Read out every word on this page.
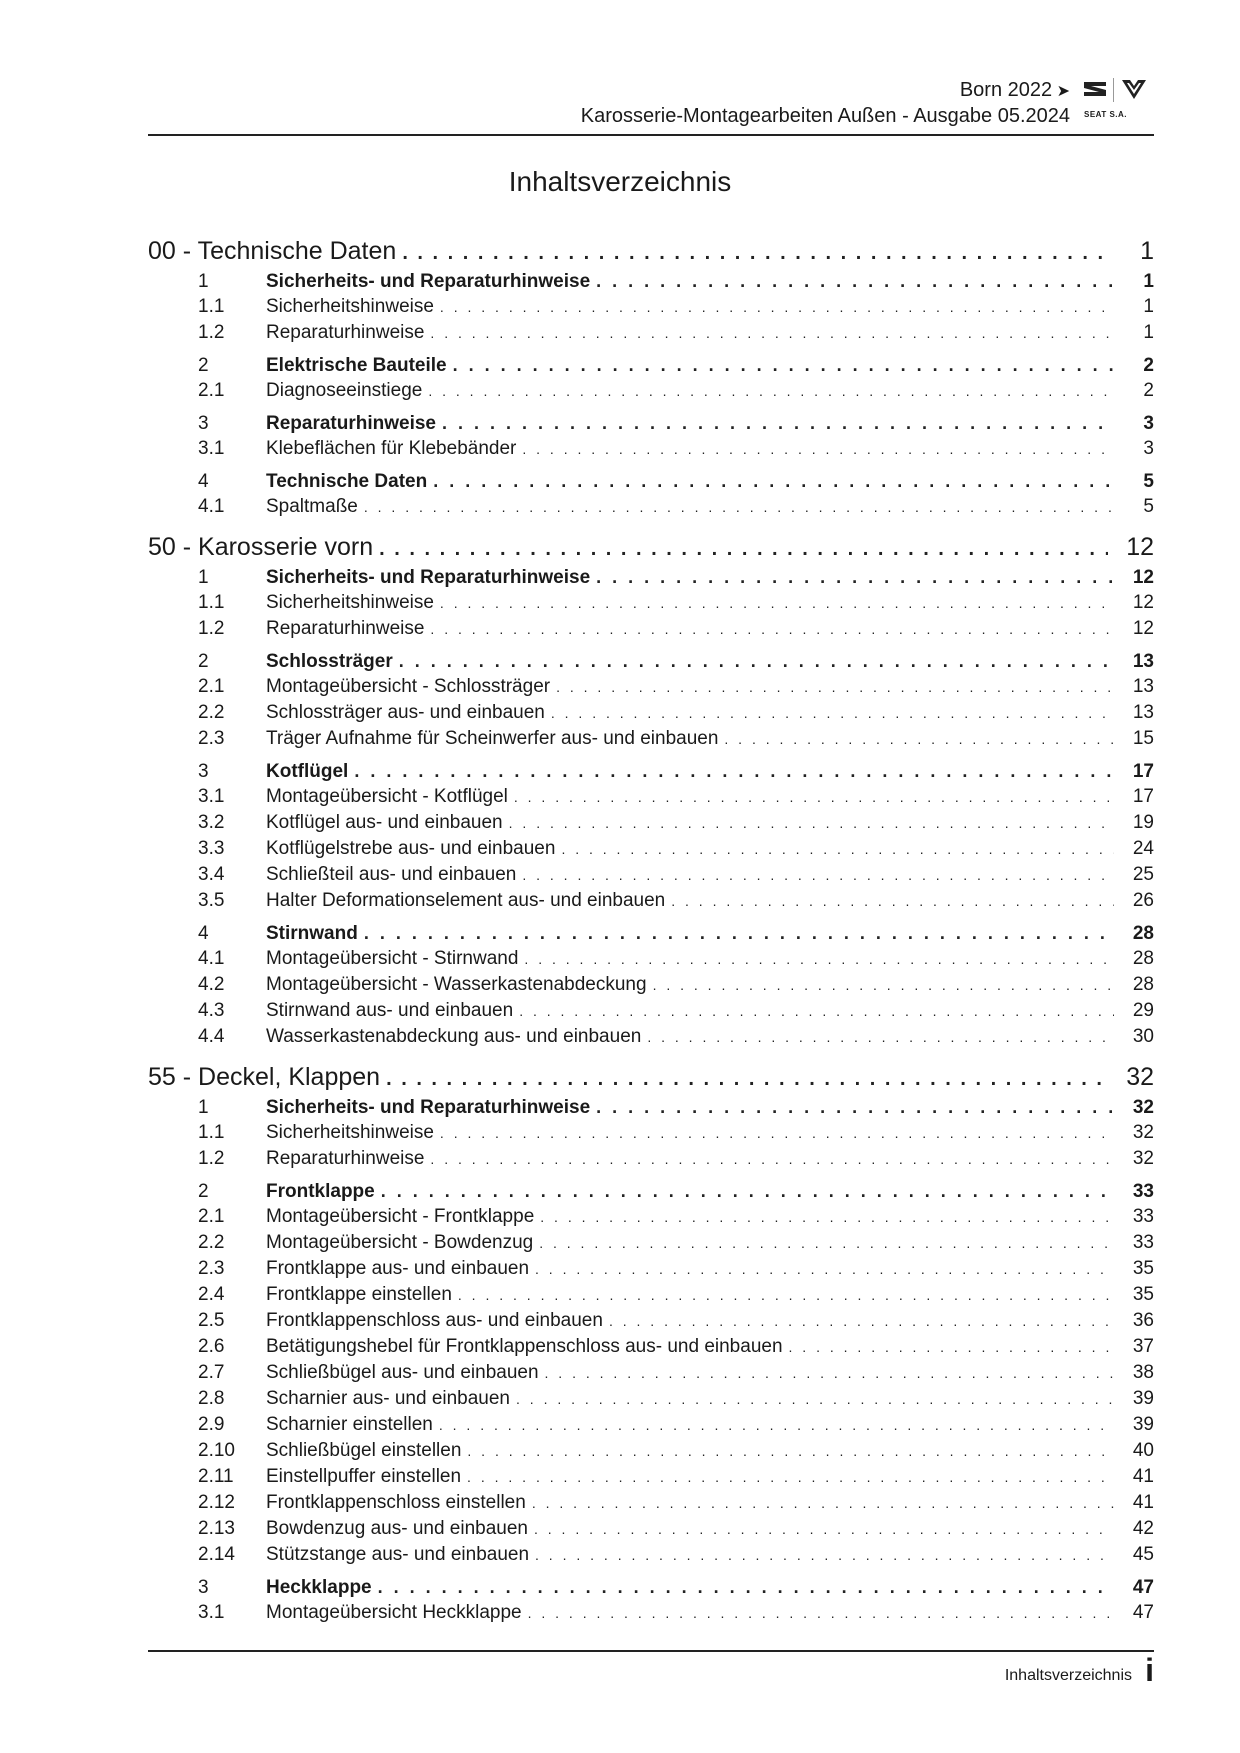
Born 2022 ➤
Karosserie-Montagearbeiten Außen - Ausgabe 05.2024 SEAT S.A.
Inhaltsverzeichnis
00 - Technische Daten . . .	1
1	Sicherheits- und Reparaturhinweise . . .	1
1.1	Sicherheitshinweise . . .	1
1.2	Reparaturhinweise . . .	1
2	Elektrische Bauteile . . .	2
2.1	Diagnoseeinstiege . . .	2
3	Reparaturhinweise . . .	3
3.1	Klebeflächen für Klebebänder . . .	3
4	Technische Daten . . .	5
4.1	Spaltmaße . . .	5
50 - Karosserie vorn . . .	12
1	Sicherheits- und Reparaturhinweise . . .	12
1.1	Sicherheitshinweise . . .	12
1.2	Reparaturhinweise . . .	12
2	Schlossträger . . .	13
2.1	Montageübersicht - Schlossträger . . .	13
2.2	Schlossträger aus- und einbauen . . .	13
2.3	Träger Aufnahme für Scheinwerfer aus- und einbauen . . .	15
3	Kotflügel . . .	17
3.1	Montageübersicht - Kotflügel . . .	17
3.2	Kotflügel aus- und einbauen . . .	19
3.3	Kotflügelstrebe aus- und einbauen . . .	24
3.4	Schließteil aus- und einbauen . . .	25
3.5	Halter Deformationselement aus- und einbauen . . .	26
4	Stirnwand . . .	28
4.1	Montageübersicht - Stirnwand . . .	28
4.2	Montageübersicht - Wasserkastenabdeckung . . .	28
4.3	Stirnwand aus- und einbauen . . .	29
4.4	Wasserkastenabdeckung aus- und einbauen . . .	30
55 - Deckel, Klappen . . .	32
1	Sicherheits- und Reparaturhinweise . . .	32
1.1	Sicherheitshinweise . . .	32
1.2	Reparaturhinweise . . .	32
2	Frontklappe . . .	33
2.1	Montageübersicht - Frontklappe . . .	33
2.2	Montageübersicht - Bowdenzug . . .	33
2.3	Frontklappe aus- und einbauen . . .	35
2.4	Frontklappe einstellen . . .	35
2.5	Frontklappenschloss aus- und einbauen . . .	36
2.6	Betätigungshebel für Frontklappenschloss aus- und einbauen . . .	37
2.7	Schließbügel aus- und einbauen . . .	38
2.8	Scharnier aus- und einbauen . . .	39
2.9	Scharnier einstellen . . .	39
2.10	Schließbügel einstellen . . .	40
2.11	Einstellpuffer einstellen . . .	41
2.12	Frontklappenschloss einstellen . . .	41
2.13	Bowdenzug aus- und einbauen . . .	42
2.14	Stützstange aus- und einbauen . . .	45
3	Heckklappe . . .	47
3.1	Montageübersicht Heckklappe . . .	47
Inhaltsverzeichnis i
